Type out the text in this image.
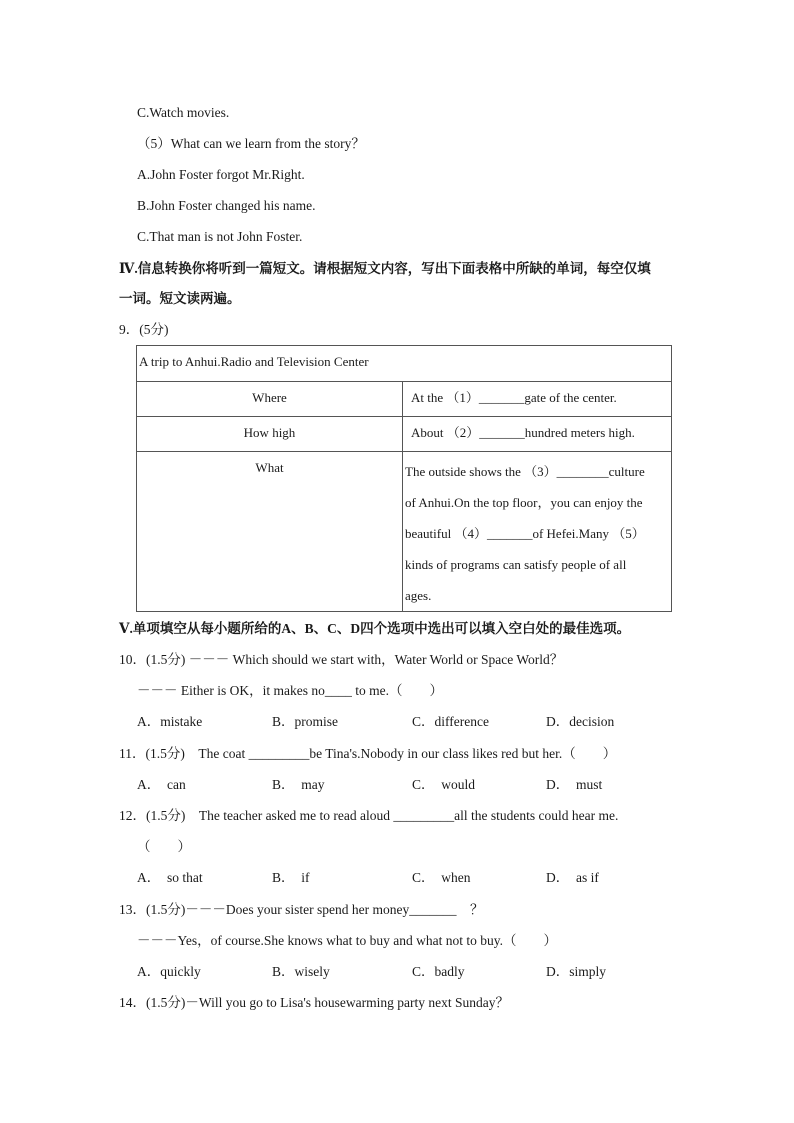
C.Watch movies.
（5）What can we learn from the story？
A.John Foster forgot Mr.Right.
B.John Foster changed his name.
C.That man is not John Foster.
Ⅳ.信息转换你将听到一篇短文。请根据短文内容，写出下面表格中所缺的单词，每空仅填
一词。短文读两遍。
9．(5分)
A trip to Anhui.Radio and Television Center	
Where	At the （1）_______gate of the center.
How high	About （2）_______hundred meters high.
What	The outside shows the （3）________culture
of Anhui.On the top floor，you can enjoy the
beautiful （4）_______of Hefei.Many （5）
kinds of programs can satisfy people of all
ages.
Ⅴ.单项填空从每小题所给的A、B、C、D四个选项中选出可以填入空白处的最佳选项。
10．(1.5分) －－－ Which should we start with，Water World or Space World？
－－－ Either is OK，it makes no____ to me.（　　）
A．mistake	B．promise	C．difference	D．decision
11．(1.5分)　The coat _________be Tina's.Nobody in our class likes red but her.（　　）
A．　can	B．　may	C．　would	D．　must
12．(1.5分)　The teacher asked me to read aloud _________all the students could hear me.
（　　）
A．　so that	B．　if	C．　when	D．　as if
13．(1.5分)－－－Does your sister spend her money_______　？
－－－Yes，of course.She knows what to buy and what not to buy.（　　）
A．quickly	B．wisely	C．badly	D．simply
14．(1.5分)－Will you go to Lisa's housewarming party next Sunday？
